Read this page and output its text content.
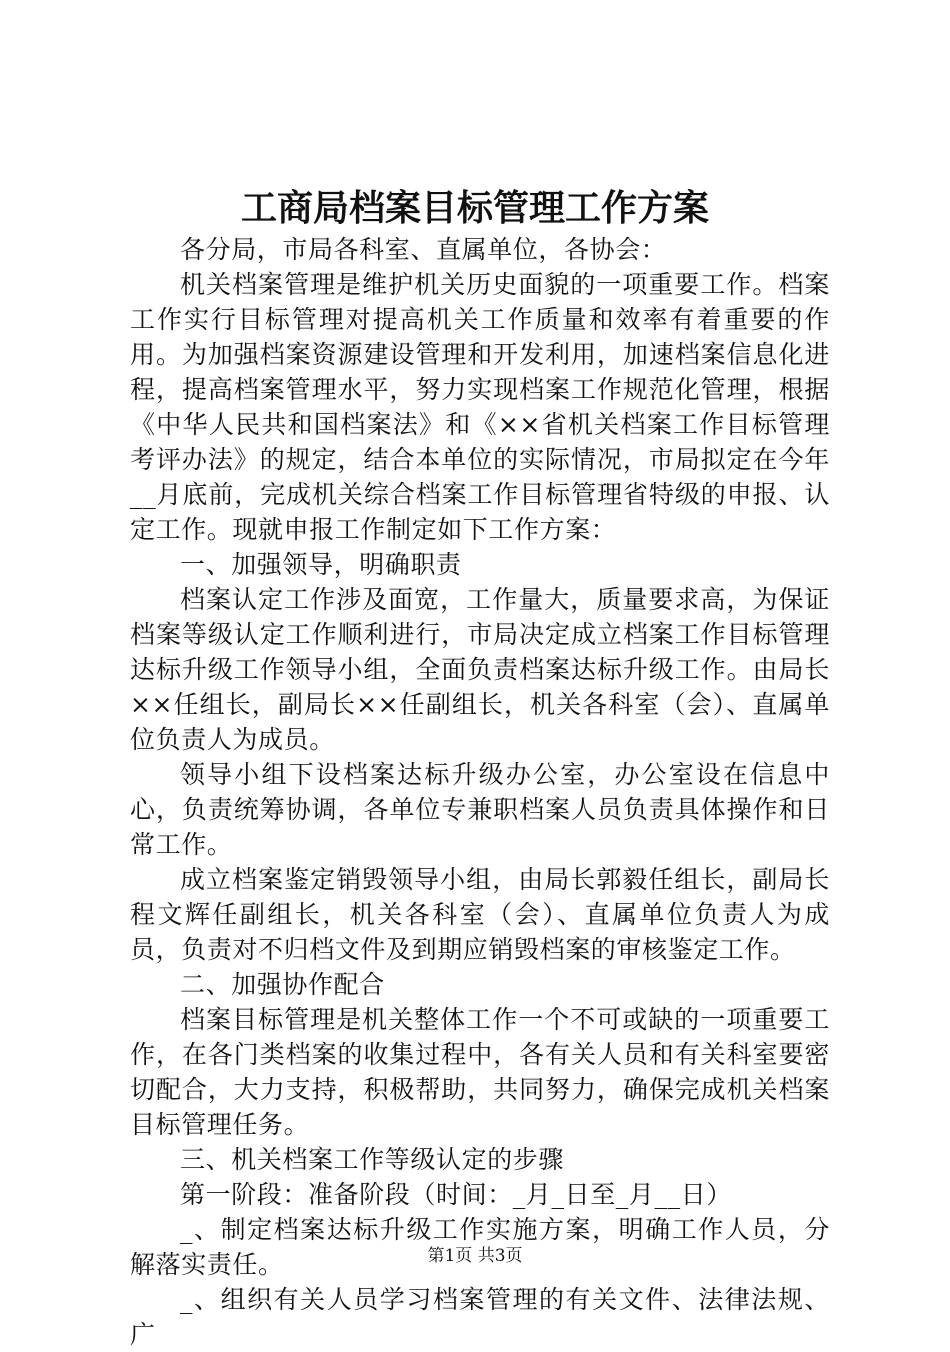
工商局档案目标管理工作方案

各分局，市局各科室、直属单位，各协会：

机关档案管理是维护机关历史面貌的一项重要工作。档案工作实行目标管理对提高机关工作质量和效率有着重要的作用。为加强档案资源建设管理和开发利用，加速档案信息化进程，提高档案管理水平，努力实现档案工作规范化管理，根据《中华人民共和国档案法》和《××省机关档案工作目标管理考评办法》的规定，结合本单位的实际情况，市局拟定在今年__月底前，完成机关综合档案工作目标管理省特级的申报、认定工作。现就申报工作制定如下工作方案：

一、加强领导，明确职责

档案认定工作涉及面宽，工作量大，质量要求高，为保证档案等级认定工作顺利进行，市局决定成立档案工作目标管理达标升级工作领导小组，全面负责档案达标升级工作。由局长××任组长，副局长××任副组长，机关各科室（会）、直属单位负责人为成员。

领导小组下设档案达标升级办公室，办公室设在信息中心，负责统筹协调，各单位专兼职档案人员负责具体操作和日常工作。

成立档案鉴定销毁领导小组，由局长郭毅任组长，副局长程文辉任副组长，机关各科室（会）、直属单位负责人为成员，负责对不归档文件及到期应销毁档案的审核鉴定工作。

二、加强协作配合

档案目标管理是机关整体工作一个不可或缺的一项重要工作，在各门类档案的收集过程中，各有关人员和有关科室要密切配合，大力支持，积极帮助，共同努力，确保完成机关档案目标管理任务。

三、机关档案工作等级认定的步骤

第一阶段：准备阶段（时间：_月_日至_月__日）

_、制定档案达标升级工作实施方案，明确工作人员，分解落实责任。

_、组织有关人员学习档案管理的有关文件、法律法规、广

第1页 共3页
